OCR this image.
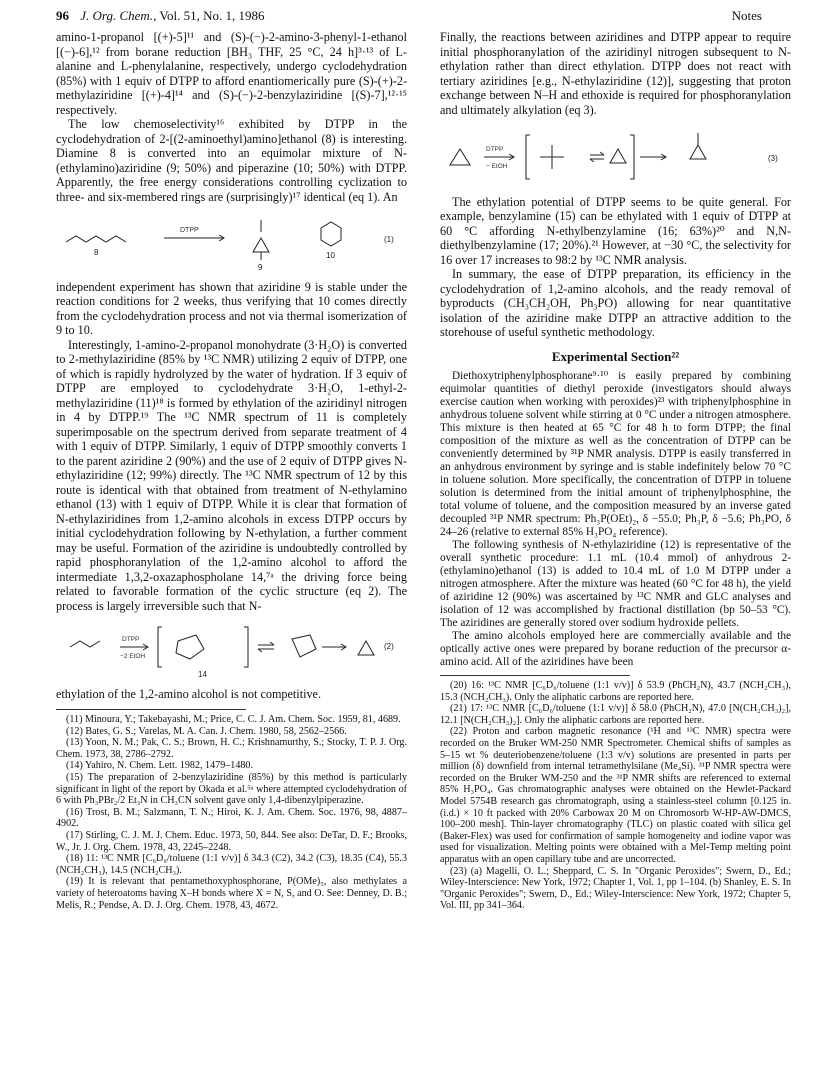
96 J. Org. Chem., Vol. 51, No. 1, 1986	Notes

amino-1-propanol [(+)-5]¹¹ and (S)-(−)-2-amino-3-phenyl-1-ethanol [(−)-6],¹² from borane reduction [BH₃ THF, 25 °C, 24 h]³·¹³ of L-alanine and L-phenylalanine, respectively, undergo cyclodehydration (85%) with 1 equiv of DTPP to afford enantiomerically pure (S)-(+)-2-methylaziridine [(+)-4]¹⁴ and (S)-(−)-2-benzylaziridine [(S)-7],¹²·¹⁵ respectively.

The low chemoselectivity¹⁶ exhibited by DTPP in the cyclodehydration of 2-[(2-aminoethyl)amino]ethanol (8) is interesting. Diamine 8 is converted into an equimolar mixture of N-(ethylamino)aziridine (9; 50%) and piperazine (10; 50%) with DTPP. Apparently, the free energy considerations controlling cyclization to three- and six-membered rings are (surprisingly)¹⁷ identical (eq 1). An

DTPP
8
9
10
(1)

independent experiment has shown that aziridine 9 is stable under the reaction conditions for 2 weeks, thus verifying that 10 comes directly from the cyclodehydration process and not via thermal isomerization of 9 to 10.

Interestingly, 1-amino-2-propanol monohydrate (3·H₂O) is converted to 2-methylaziridine (85% by ¹³C NMR) utilizing 2 equiv of DTPP, one of which is rapidly hydrolyzed by the water of hydration. If 3 equiv of DTPP are employed to cyclodehydrate 3·H₂O, 1-ethyl-2-methylaziridine (11)¹⁸ is formed by ethylation of the aziridinyl nitrogen in 4 by DTPP.¹⁹ The ¹³C NMR spectrum of 11 is completely superimposable on the spectrum derived from separate treatment of 4 with 1 equiv of DTPP. Similarly, 1 equiv of DTPP smoothly converts 1 to the parent aziridine 2 (90%) and the use of 2 equiv of DTPP gives N-ethylaziridine (12; 99%) directly. The ¹³C NMR spectrum of 12 by this route is identical with that obtained from treatment of N-ethylamino ethanol (13) with 1 equiv of DTPP. While it is clear that formation of N-ethylaziridines from 1,2-amino alcohols in excess DTPP occurs by initial cyclodehydration following by N-ethylation, a further comment may be useful. Formation of the aziridine is undoubtedly controlled by rapid phosphoranylation of the 1,2-amino alcohol to afford the intermediate 1,3,2-oxazaphospholane 14,⁷ᵃ the driving force being related to favorable formation of the cyclic structure (eq 2). The process is largely irreversible such that N-

DTPP
−2 EtOH
14
(2)

ethylation of the 1,2-amino alcohol is not competitive.

(11) Minoura, Y.; Takebayashi, M.; Price, C. C. J. Am. Chem. Soc. 1959, 81, 4689.

(12) Bates, G. S.; Varelas, M. A. Can. J. Chem. 1980, 58, 2562–2566.

(13) Yoon, N. M.; Pak, C. S.; Brown, H. C.; Krishnamurthy, S.; Stocky, T. P. J. Org. Chem. 1973, 38, 2786–2792.

(14) Yahiro, N. Chem. Lett. 1982, 1479–1480.

(15) The preparation of 2-benzylaziridine (85%) by this method is particularly significant in light of the report by Okada et al.⁵ᵃ where attempted cyclodehydration of 6 with Ph₃PBr₂/2 Et₃N in CH₃CN solvent gave only 1,4-dibenzylpiperazine.

(16) Trost, B. M.; Salzmann, T. N.; Hiroi, K. J. Am. Chem. Soc. 1976, 98, 4887–4902.

(17) Stirling, C. J. M. J. Chem. Educ. 1973, 50, 844. See also: DeTar, D. F.; Brooks, W., Jr. J. Org. Chem. 1978, 43, 2245–2248.

(18) 11: ¹³C NMR [C₆D₆/toluene (1:1 v/v)] δ 34.3 (C2), 34.2 (C3), 18.35 (C4), 55.3 (NCH₂CH₃), 14.5 (NCH₂CH₃).

(19) It is relevant that pentamethoxyphosphorane, P(OMe)₅, also methylates a variety of heteroatoms having X–H bonds where X = N, S, and O. See: Denney, D. B.; Melis, R.; Pendse, A. D. J. Org. Chem. 1978, 43, 4672.

Finally, the reactions between aziridines and DTPP appear to require initial phosphoranylation of the aziridinyl nitrogen subsequent to N-ethylation rather than direct ethylation. DTPP does not react with tertiary aziridines [e.g., N-ethylaziridine (12)], suggesting that proton exchange between N–H and ethoxide is required for phosphoranylation and ultimately alkylation (eq 3).

DTPP
− EtOH
(3)

The ethylation potential of DTPP seems to be quite general. For example, benzylamine (15) can be ethylated with 1 equiv of DTPP at 60 °C affording N-ethylbenzylamine (16; 63%)²⁰ and N,N-diethylbenzylamine (17; 20%).²¹ However, at −30 °C, the selectivity for 16 over 17 increases to 98:2 by ¹³C NMR analysis.

In summary, the ease of DTPP preparation, its efficiency in the cyclodehydration of 1,2-amino alcohols, and the ready removal of byproducts (CH₃CH₂OH, Ph₃PO) allowing for near quantitative isolation of the aziridine make DTPP an attractive addition to the storehouse of useful synthetic methodology.

Experimental Section²²

Diethoxytriphenylphosphorane⁹·¹⁰ is easily prepared by combining equimolar quantities of diethyl peroxide (investigators should always exercise caution when working with peroxides)²³ with triphenylphosphine in anhydrous toluene solvent while stirring at 0 °C under a nitrogen atmosphere. This mixture is then heated at 65 °C for 48 h to form DTPP; the final composition of the mixture as well as the concentration of DTPP can be conveniently determined by ³¹P NMR analysis. DTPP is easily transferred in an anhydrous environment by syringe and is stable indefinitely below 70 °C in toluene solution. More specifically, the concentration of DTPP in toluene solution is determined from the initial amount of triphenylphosphine, the total volume of toluene, and the composition measured by an inverse gated decoupled ³¹P NMR spectrum: Ph₃P(OEt)₂, δ −55.0; Ph₃P, δ −5.6; Ph₃PO, δ 24–26 (relative to external 85% H₃PO₄ reference).

The following synthesis of N-ethylaziridine (12) is representative of the overall synthetic procedure: 1.1 mL (10.4 mmol) of anhydrous 2-(ethylamino)ethanol (13) is added to 10.4 mL of 1.0 M DTPP under a nitrogen atmosphere. After the mixture was heated (60 °C for 48 h), the yield of aziridine 12 (90%) was ascertained by ¹³C NMR and GLC analyses and isolation of 12 was accomplished by fractional distillation (bp 50–53 °C). The aziridines are generally stored over sodium hydroxide pellets.

The amino alcohols employed here are commercially available and the optically active ones were prepared by borane reduction of the precursor α-amino acid. All of the aziridines have been

(20) 16: ¹³C NMR [C₆D₆/toluene (1:1 v/v)] δ 53.9 (PhCH₂N), 43.7 (NCH₂CH₃), 15.3 (NCH₂CH₃). Only the aliphatic carbons are reported here.

(21) 17: ¹³C NMR [C₆D₆/toluene (1:1 v/v)] δ 58.0 (PhCH₂N), 47.0 [N(CH₂CH₃)₂], 12.1 [N(CH₂CH₃)₂]. Only the aliphatic carbons are reported here.

(22) Proton and carbon magnetic resonance (¹H and ¹³C NMR) spectra were recorded on the Bruker WM-250 NMR Spectrometer. Chemical shifts of samples as 5–15 wt % deuteriobenzene/toluene (1:3 v/v) solutions are presented in parts per million (δ) downfield from internal tetramethylsilane (Me₄Si). ³¹P NMR spectra were recorded on the Bruker WM-250 and the ³¹P NMR shifts are referenced to external 85% H₃PO₄. Gas chromatographic analyses were obtained on the Hewlet-Packard Model 5754B research gas chromatograph, using a stainless-steel column [0.125 in. (i.d.) × 10 ft packed with 20% Carbowax 20 M on Chromosorb W-HP-AW-DMCS, 100–200 mesh]. Thin-layer chromatography (TLC) on plastic coated with silica gel (Baker-Flex) was used for confirmation of sample homogeneity and iodine vapor was used for visualization. Melting points were obtained with a Mel-Temp melting point apparatus with an open capillary tube and are uncorrected.

(23) (a) Magelli, O. L.; Sheppard, C. S. In "Organic Peroxides"; Swern, D., Ed.; Wiley-Interscience: New York, 1972; Chapter 1, Vol. 1, pp 1–104. (b) Shanley, E. S. In "Organic Peroxides"; Swern, D., Ed.; Wiley-Interscience: New York, 1972; Chapter 5, Vol. III, pp 341–364.
